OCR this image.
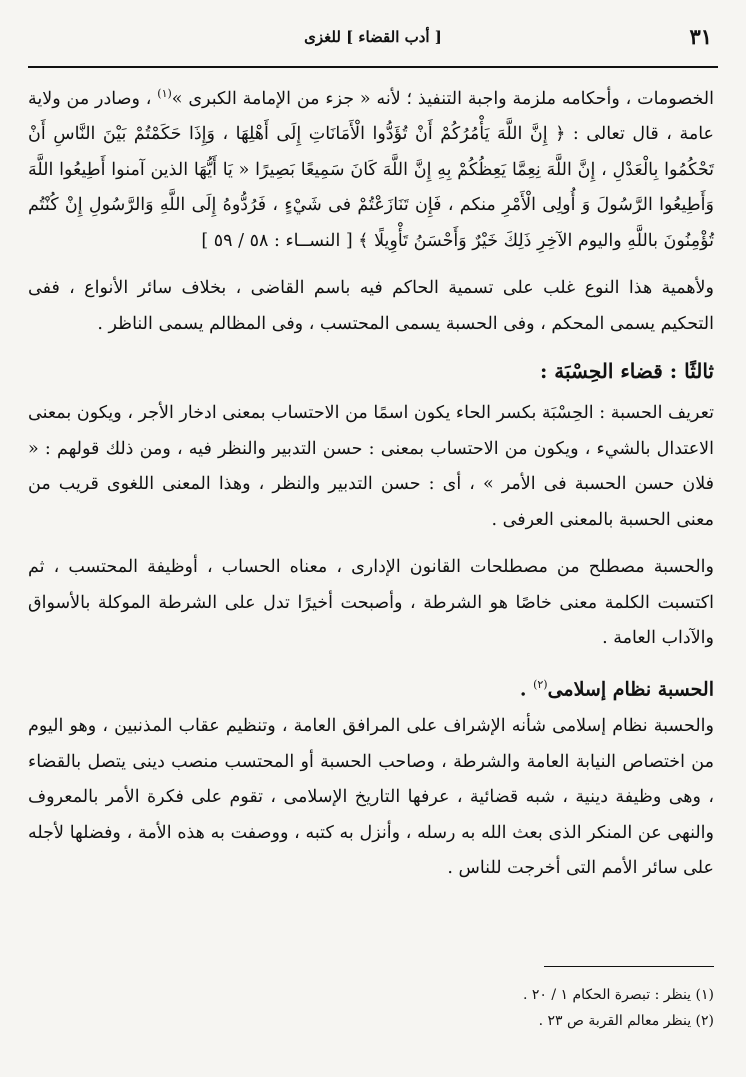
٣١
[ أدب القضاء ] للغزى

الخصومات ، وأحكامه ملزمة واجبة التنفيذ ؛ لأنه « جزء من الإمامة الكبرى »$^{(١)}$ ، وصادر من ولاية عامة ، قال تعالى : ﴿ إِنَّ اللَّهَ يَأْمُرُكُمْ أَنْ تُؤَدُّوا الْأَمَانَاتِ إِلَى أَهْلِهَا ، وَإِذَا حَكَمْتُمْ بَيْنَ النَّاسِ أَنْ تَحْكُمُوا بِالْعَدْلِ ، إِنَّ اللَّهَ نِعِمَّا يَعِظُكُمْ بِهِ إِنَّ اللَّهَ كَانَ سَمِيعًا بَصِيرًا « يَا أَيُّهَا الذين آمنوا أَطِيعُوا اللَّهَ وَأَطِيعُوا الرَّسُولَ وَ أُولِى الْأَمْرِ منكم ، فَإِن تَنَازَعْتُمْ فى شَيْءٍ ، فَرُدُّوهُ إِلَى اللَّهِ وَالرَّسُولِ إِنْ كُنْتُم تُؤْمِنُونَ باللَّهِ واليوم الآخِرِ ذَلِكَ خَيْرٌ وَأَحْسَنُ تَأْوِيلًا ﴾ [ النســاء : ٥٨ / ٥٩ ]

ولأهمية هذا النوع غلب على تسمية الحاكم فيه باسم القاضى ، بخلاف سائر الأنواع ، ففى التحكيم يسمى المحكم ، وفى الحسبة يسمى المحتسب ، وفى المظالم يسمى الناظر .

ثالثًا : قضاء الحِسْبَة :

تعريف الحسبة : الحِسْبَة بكسر الحاء يكون اسمًا من الاحتساب بمعنى ادخار الأجر ، ويكون بمعنى الاعتدال بالشيء ، ويكون من الاحتساب بمعنى : حسن التدبير والنظر فيه ، ومن ذلك قولهم : « فلان حسن الحسبة فى الأمر » ، أى : حسن التدبير والنظر ، وهذا المعنى اللغوى قريب من معنى الحسبة بالمعنى العرفى .

والحسبة مصطلح من مصطلحات القانون الإدارى ، معناه الحساب ، أوظيفة المحتسب ، ثم اكتسبت الكلمة معنى خاصًا هو الشرطة ، وأصبحت أخيرًا تدل على الشرطة الموكلة بالأسواق والآداب العامة .

الحسبة نظام إسلامى$^{(٢)}$ .

والحسبة نظام إسلامى شأنه الإشراف على المرافق العامة ، وتنظيم عقاب المذنبين ، وهو اليوم من اختصاص النيابة العامة والشرطة ، وصاحب الحسبة أو المحتسب منصب دينى يتصل بالقضاء ، وهى وظيفة دينية ، شبه قضائية ، عرفها التاريخ الإسلامى ، تقوم على فكرة الأمر بالمعروف والنهى عن المنكر الذى بعث الله به رسله ، وأنزل به كتبه ، ووصفت به هذه الأمة ، وفضلها لأجله على سائر الأمم التى أخرجت للناس .

(١) ينظر : تبصرة الحكام ١ / ٢٠ .

(٢) ينظر معالم القربة ص ٢٣ .
